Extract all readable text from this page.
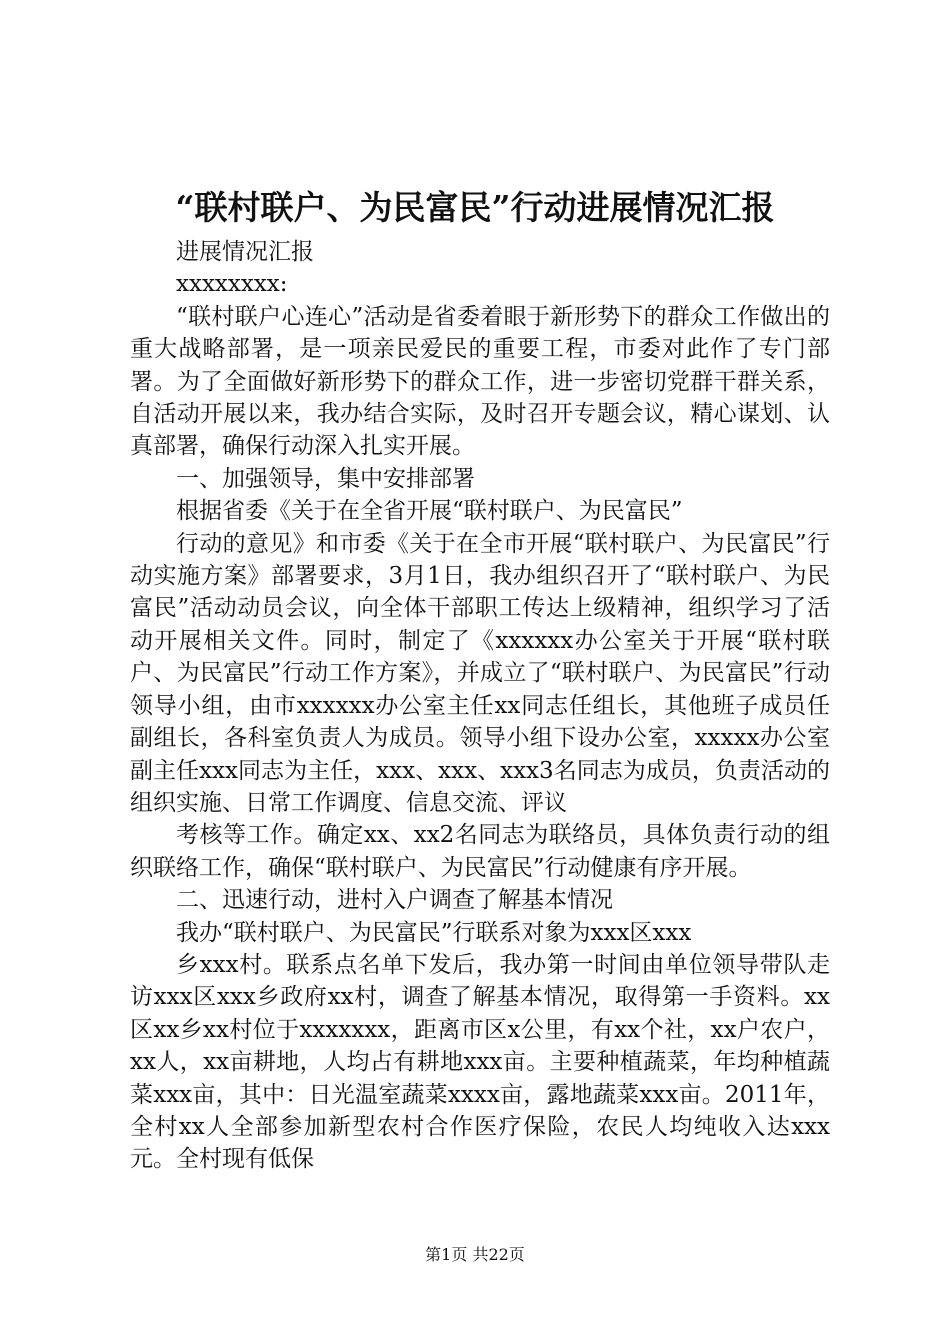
“联村联户、为民富民”行动进展情况汇报

进展情况汇报

xxxxxxxx:

“联村联户心连心”活动是省委着眼于新形势下的群众工作做出的重大战略部署，是一项亲民爱民的重要工程，市委对此作了专门部署。为了全面做好新形势下的群众工作，进一步密切党群干群关系，自活动开展以来，我办结合实际，及时召开专题会议，精心谋划、认真部署，确保行动深入扎实开展。

一、加强领导，集中安排部署

根据省委《关于在全省开展“联村联户、为民富民”

行动的意见》和市委《关于在全市开展“联村联户、为民富民”行动实施方案》部署要求，3月1日，我办组织召开了“联村联户、为民富民”活动动员会议，向全体干部职工传达上级精神，组织学习了活动开展相关文件。同时，制定了《xxxxxx办公室关于开展“联村联户、为民富民”行动工作方案》，并成立了“联村联户、为民富民”行动领导小组，由市xxxxxx办公室主任xx同志任组长，其他班子成员任副组长，各科室负责人为成员。领导小组下设办公室，xxxxx办公室副主任xxx同志为主任，xxx、xxx、xxx3名同志为成员，负责活动的组织实施、日常工作调度、信息交流、评议

考核等工作。确定xx、xx2名同志为联络员，具体负责行动的组织联络工作，确保“联村联户、为民富民”行动健康有序开展。

二、迅速行动，进村入户调查了解基本情况

我办“联村联户、为民富民”行联系对象为xxx区xxx

乡xxx村。联系点名单下发后，我办第一时间由单位领导带队走访xxx区xxx乡政府xx村，调查了解基本情况，取得第一手资料。xx区xx乡xx村位于xxxxxxx，距离市区x公里，有xx个社，xx户农户，xx人，xx亩耕地，人均占有耕地xxx亩。主要种植蔬菜，年均种植蔬菜xxx亩，其中：日光温室蔬菜xxxx亩，露地蔬菜xxx亩。2011年，全村xx人全部参加新型农村合作医疗保险，农民人均纯收入达xxx元。全村现有低保

第1页 共22页
